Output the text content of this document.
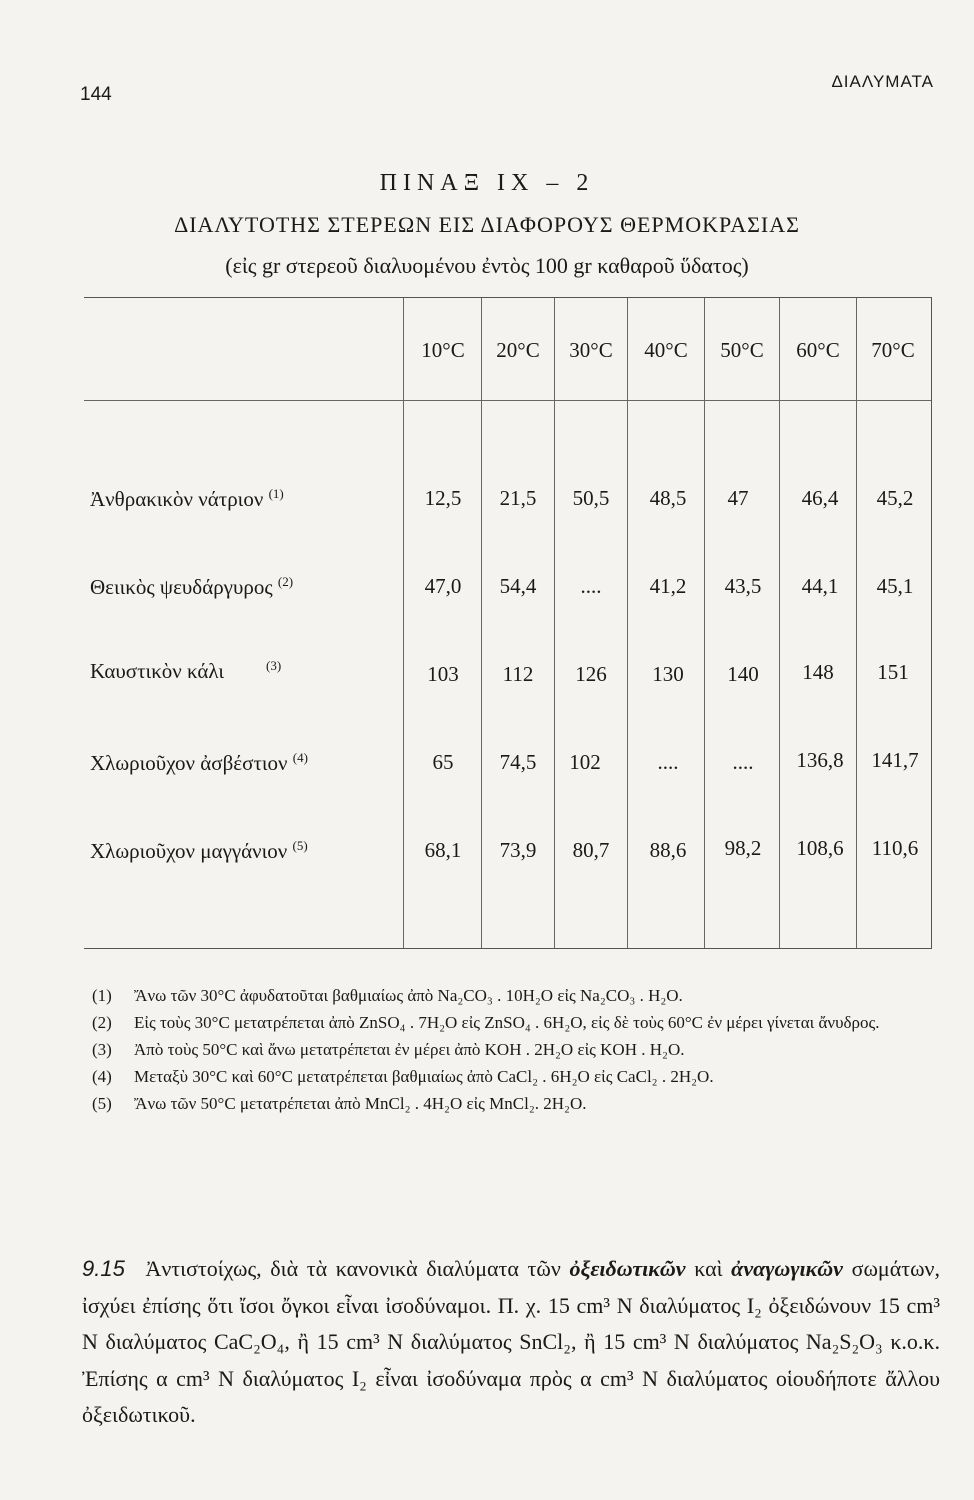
144
ΔΙΑΛΥΜΑΤΑ
ΠΙΝΑΞ IX – 2
ΔΙΑΛΥΤΟΤΗΣ ΣΤΕΡΕΩΝ ΕΙΣ ΔΙΑΦΟΡΟΥΣ ΘΕΡΜΟΚΡΑΣΙΑΣ
(εἰς gr στερεοῦ διαλυομένου ἐντὸς 100 gr καθαροῦ ὕδατος)
10°C	20°C	30°C	40°C	50°C	60°C	70°C
Ἀνθρακικὸν νάτριον $^{(1)}$	12,5	21,5	50,5	48,5	47	46,4	45,2
Θειικὸς ψευδάργυρος $^{(2)}$	47,0	54,4	....	41,2	43,5	44,1	45,1
Καυστικὸν κάλι	$^{(3)}$	103	112	126	130	140	148	151
Χλωριοῦχον ἀσβέστιον $^{(4)}$	65	74,5	102	....	....	136,8	141,7
Χλωριοῦχον μαγγάνιον $^{(5)}$	68,1	73,9	80,7	88,6	98,2	108,6	110,6
(1) Ἄνω τῶν 30°C ἀφυδατοῦται βαθμιαίως ἀπὸ Na₂CO₃ . 10H₂O εἰς Na₂CO₃ . H₂O.
(2) Εἰς τοὺς 30°C μετατρέπεται ἀπὸ ZnSO₄ . 7H₂O εἰς ZnSO₄ . 6H₂O, εἰς δὲ τοὺς 60°C ἐν μέρει γίνεται ἄνυδρος.
(3) Ἀπὸ τοὺς 50°C καὶ ἄνω μετατρέπεται ἐν μέρει ἀπὸ KOH . 2H₂O εἰς KOH . H₂O.
(4) Μεταξὺ 30°C καὶ 60°C μετατρέπεται βαθμιαίως ἀπὸ CaCl₂ . 6H₂O εἰς CaCl₂ . 2H₂O.
(5) Ἄνω τῶν 50°C μετατρέπεται ἀπὸ MnCl₂ . 4H₂O εἰς MnCl₂. 2H₂O.
9.15 Ἀντιστοίχως, διὰ τὰ κανονικὰ διαλύματα τῶν ὀξειδωτικῶν καὶ ἀναγωγικῶν σωμάτων, ἰσχύει ἐπίσης ὅτι ἴσοι ὄγκοι εἶναι ἰσοδύναμοι. Π. χ. 15 cm³ N διαλύματος I₂ ὀξειδώνουν 15 cm³ N διαλύματος CaC₂O₄, ἢ 15 cm³ N διαλύματος SnCl₂, ἢ 15 cm³ N διαλύματος Na₂S₂O₃ κ.ο.κ. Ἐπίσης α cm³ N διαλύματος I₂ εἶναι ἰσοδύναμα πρὸς α cm³ N διαλύματος οἱουδήποτε ἄλλου ὀξειδωτικοῦ.
